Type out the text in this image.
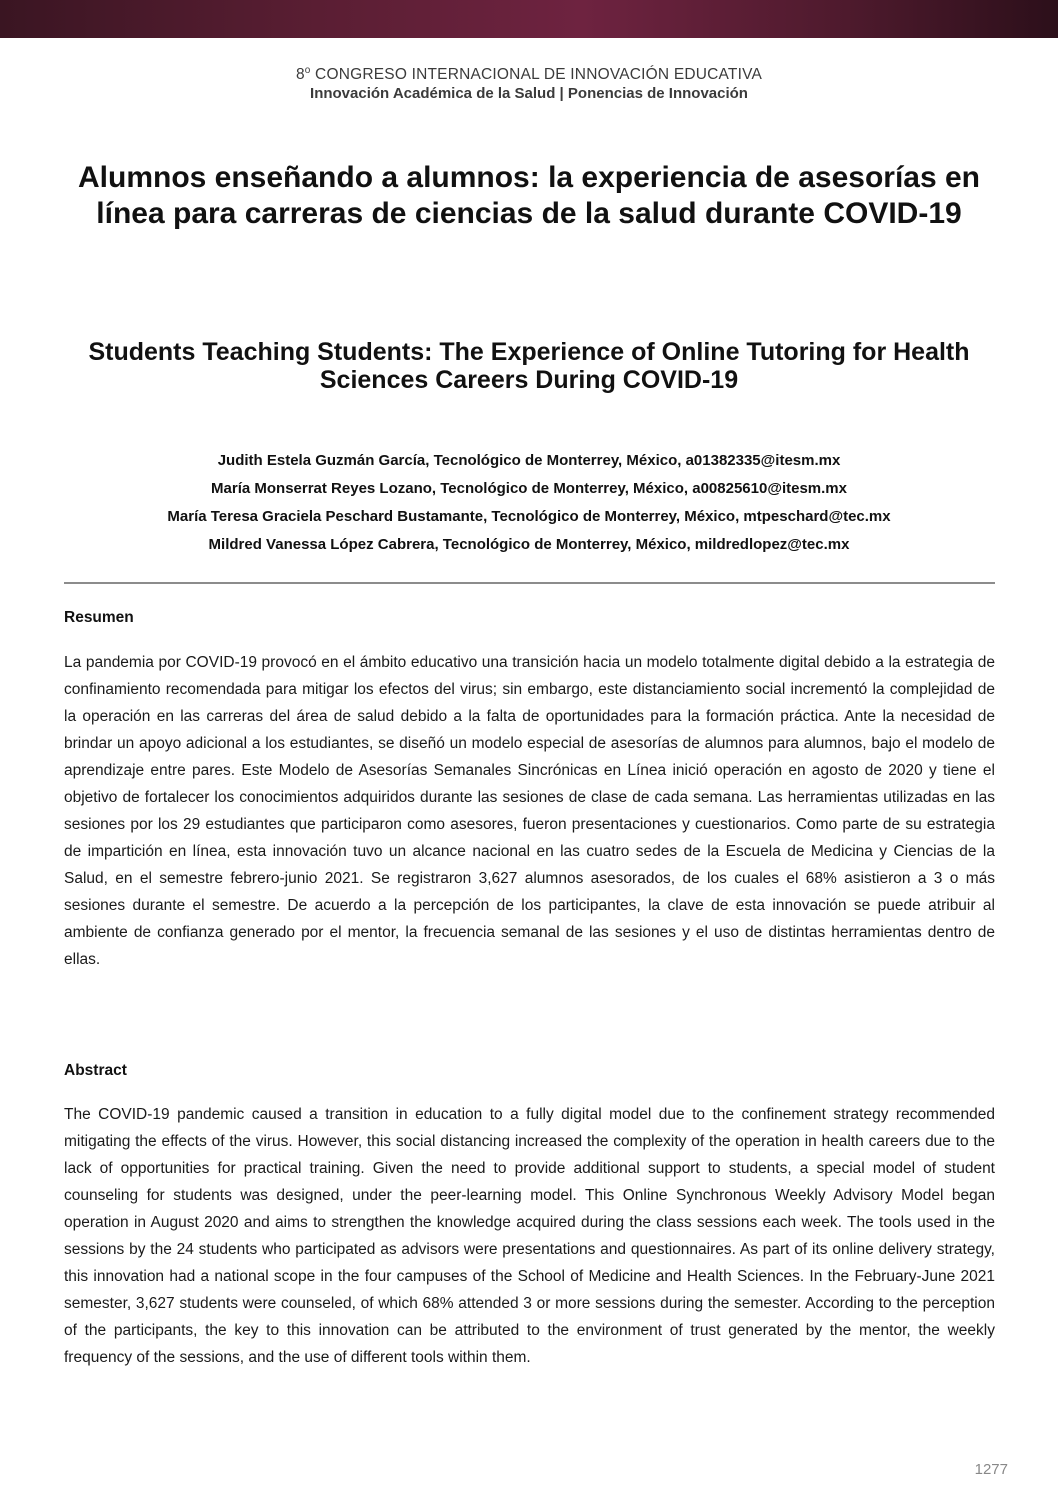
8$^o$ CONGRESO INTERNACIONAL DE INNOVACIÓN EDUCATIVA
Innovación Académica de la Salud | Ponencias de Innovación
Alumnos enseñando a alumnos: la experiencia de asesorías en línea para carreras de ciencias de la salud durante COVID-19
Students Teaching Students: The Experience of Online Tutoring for Health Sciences Careers During COVID-19
Judith Estela Guzmán García, Tecnológico de Monterrey, México, a01382335@itesm.mx
María Monserrat Reyes Lozano, Tecnológico de Monterrey, México, a00825610@itesm.mx
María Teresa Graciela Peschard Bustamante, Tecnológico de Monterrey, México, mtpeschard@tec.mx
Mildred Vanessa López Cabrera, Tecnológico de Monterrey, México, mildredlopez@tec.mx
Resumen

La pandemia por COVID-19 provocó en el ámbito educativo una transición hacia un modelo totalmente digital debido a la estrategia de confinamiento recomendada para mitigar los efectos del virus; sin embargo, este distanciamiento social incrementó la complejidad de la operación en las carreras del área de salud debido a la falta de oportunidades para la formación práctica. Ante la necesidad de brindar un apoyo adicional a los estudiantes, se diseñó un modelo especial de asesorías de alumnos para alumnos, bajo el modelo de aprendizaje entre pares. Este Modelo de Asesorías Semanales Sincrónicas en Línea inició operación en agosto de 2020 y tiene el objetivo de fortalecer los conocimientos adquiridos durante las sesiones de clase de cada semana. Las herramientas utilizadas en las sesiones por los 29 estudiantes que participaron como asesores, fueron presentaciones y cuestionarios. Como parte de su estrategia de impartición en línea, esta innovación tuvo un alcance nacional en las cuatro sedes de la Escuela de Medicina y Ciencias de la Salud, en el semestre febrero-junio 2021. Se registraron 3,627 alumnos asesorados, de los cuales el 68% asistieron a 3 o más sesiones durante el semestre. De acuerdo a la percepción de los participantes, la clave de esta innovación se puede atribuir al ambiente de confianza generado por el mentor, la frecuencia semanal de las sesiones y el uso de distintas herramientas dentro de ellas.

Abstract

The COVID-19 pandemic caused a transition in education to a fully digital model due to the confinement strategy recommended mitigating the effects of the virus. However, this social distancing increased the complexity of the operation in health careers due to the lack of opportunities for practical training. Given the need to provide additional support to students, a special model of student counseling for students was designed, under the peer-learning model. This Online Synchronous Weekly Advisory Model began operation in August 2020 and aims to strengthen the knowledge acquired during the class sessions each week. The tools used in the sessions by the 24 students who participated as advisors were presentations and questionnaires. As part of its online delivery strategy, this innovation had a national scope in the four campuses of the School of Medicine and Health Sciences. In the February-June 2021 semester, 3,627 students were counseled, of which 68% attended 3 or more sessions during the semester. According to the perception of the participants, the key to this innovation can be attributed to the environment of trust generated by the mentor, the weekly frequency of the sessions, and the use of different tools within them.

1277
